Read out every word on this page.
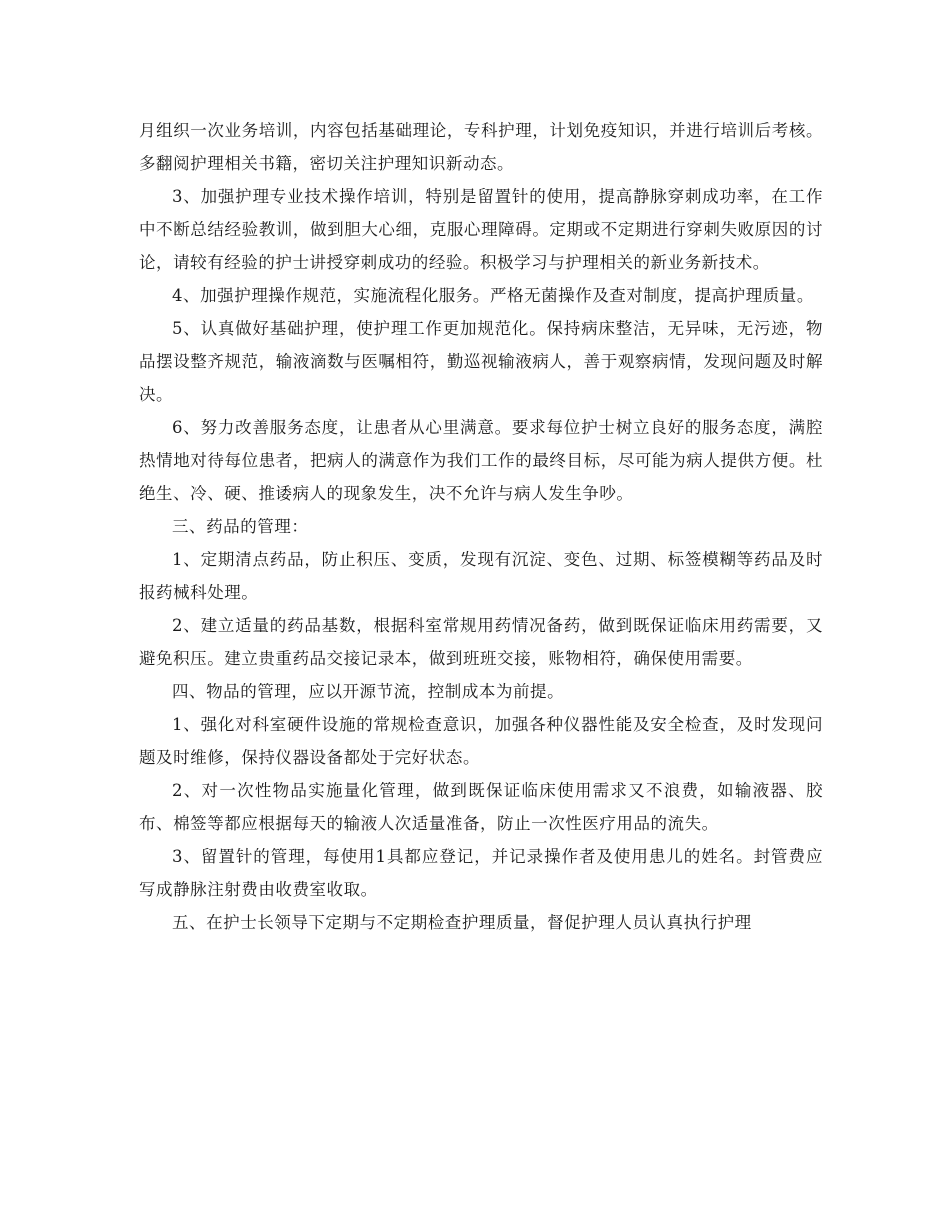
月组织一次业务培训，内容包括基础理论，专科护理，计划免疫知识，并进行培训后考核。多翻阅护理相关书籍，密切关注护理知识新动态。

3、加强护理专业技术操作培训，特别是留置针的使用，提高静脉穿刺成功率，在工作中不断总结经验教训，做到胆大心细，克服心理障碍。定期或不定期进行穿刺失败原因的讨论，请较有经验的护士讲授穿刺成功的经验。积极学习与护理相关的新业务新技术。

4、加强护理操作规范，实施流程化服务。严格无菌操作及查对制度，提高护理质量。

5、认真做好基础护理，使护理工作更加规范化。保持病床整洁，无异味，无污迹，物品摆设整齐规范，输液滴数与医嘱相符，勤巡视输液病人，善于观察病情，发现问题及时解决。

6、努力改善服务态度，让患者从心里满意。要求每位护士树立良好的服务态度，满腔热情地对待每位患者，把病人的满意作为我们工作的最终目标，尽可能为病人提供方便。杜绝生、冷、硬、推诿病人的现象发生，决不允许与病人发生争吵。

三、药品的管理：

1、定期清点药品，防止积压、变质，发现有沉淀、变色、过期、标签模糊等药品及时报药械科处理。

2、建立适量的药品基数，根据科室常规用药情况备药，做到既保证临床用药需要，又避免积压。建立贵重药品交接记录本，做到班班交接，账物相符，确保使用需要。

四、物品的管理，应以开源节流，控制成本为前提。

1、强化对科室硬件设施的常规检查意识，加强各种仪器性能及安全检查，及时发现问题及时维修，保持仪器设备都处于完好状态。

2、对一次性物品实施量化管理，做到既保证临床使用需求又不浪费，如输液器、胶布、棉签等都应根据每天的输液人次适量准备，防止一次性医疗用品的流失。

3、留置针的管理，每使用1具都应登记，并记录操作者及使用患儿的姓名。封管费应写成静脉注射费由收费室收取。

五、在护士长领导下定期与不定期检查护理质量，督促护理人员认真执行护理
